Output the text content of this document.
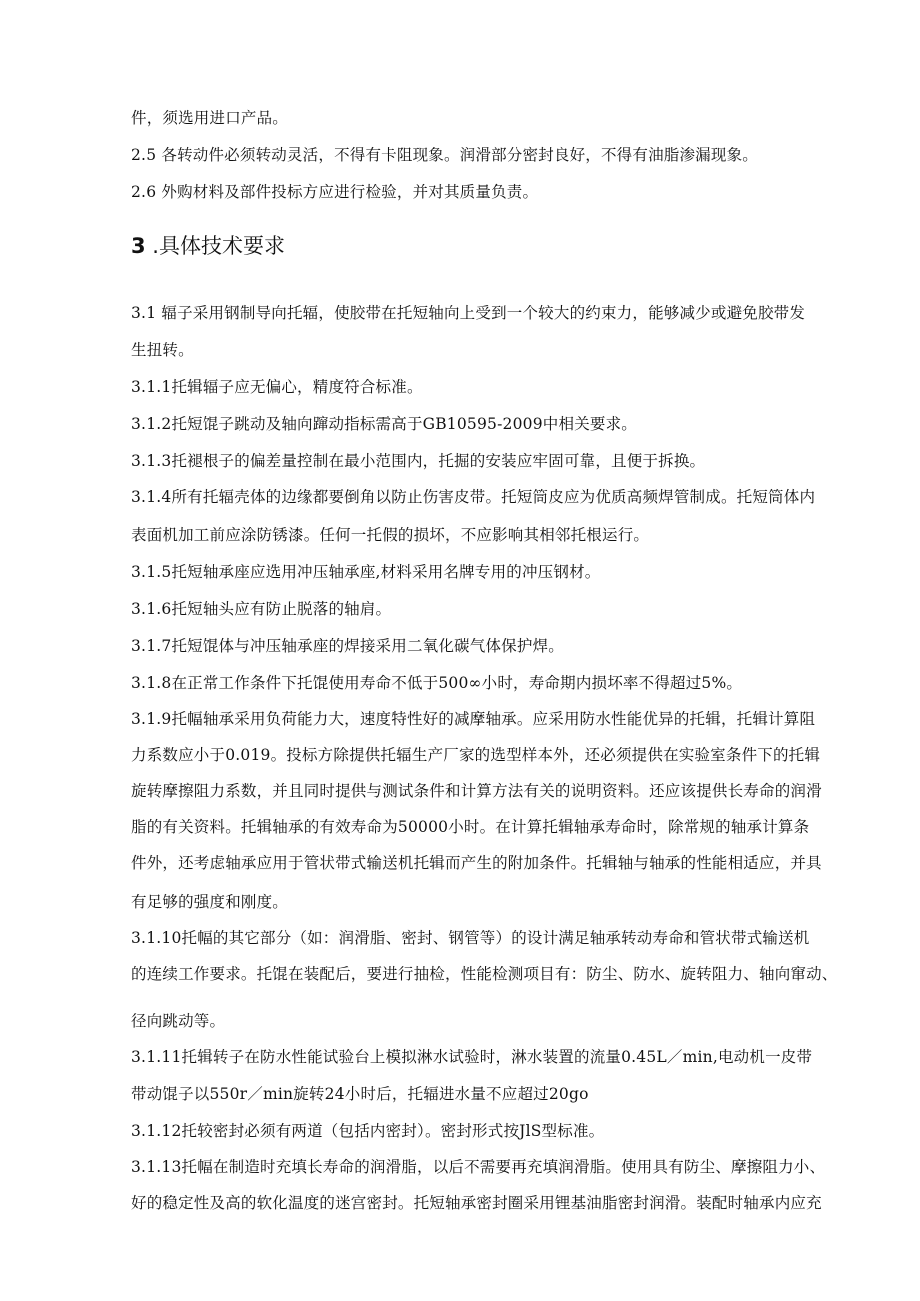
3 .具体技术要求
件，须选用进口产品。
2.5 各转动件必须转动灵活，不得有卡阻现象。润滑部分密封良好，不得有油脂渗漏现象。
2.6 外购材料及部件投标方应进行检验，并对其质量负责。
3.1 辐子采用钢制导向托辐，使胶带在托短轴向上受到一个较大的约束力，能够减少或避免胶带发
生扭转。
3.1.1托辑辐子应无偏心，精度符合标准。
3.1.2托短馄子跳动及轴向蹿动指标需高于GB10595-2009中相关要求。
3.1.3托褪根子的偏差量控制在最小范围内，托掘的安装应牢固可靠，且便于拆换。
3.1.4所有托辐壳体的边缘都要倒角以防止伤害皮带。托短筒皮应为优质高频焊管制成。托短筒体内
表面机加工前应涂防锈漆。任何一托假的损坏，不应影响其相邻托根运行。
3.1.5托短轴承座应选用冲压轴承座,材料采用名牌专用的冲压钢材。
3.1.6托短轴头应有防止脱落的轴肩。
3.1.7托短馄体与冲压轴承座的焊接采用二氧化碳气体保护焊。
3.1.8在正常工作条件下托馄使用寿命不低于500∞小时，寿命期内损坏率不得超过5%。
3.1.9托幅轴承采用负荷能力大，速度特性好的减摩轴承。应采用防水性能优异的托辑，托辑计算阻
力系数应小于0.019。投标方除提供托辐生产厂家的选型样本外，还必须提供在实验室条件下的托辑
旋转摩擦阻力系数，并且同时提供与测试条件和计算方法有关的说明资料。还应该提供长寿命的润滑
脂的有关资料。托辑轴承的有效寿命为50000小时。在计算托辑轴承寿命时，除常规的轴承计算条
件外，还考虑轴承应用于管状带式输送机托辑而产生的附加条件。托辑轴与轴承的性能相适应，并具
有足够的强度和刚度。
3.1.10托幅的其它部分（如：润滑脂、密封、钢管等）的设计满足轴承转动寿命和管状带式输送机
的连续工作要求。托馄在装配后，要进行抽检，性能检测项目有：防尘、防水、旋转阻力、轴向窜动、
径向跳动等。
3.1.11托辑转子在防水性能试验台上模拟淋水试验时，淋水装置的流量0.45L／min,电动机一皮带
带动馄子以550r／min旋转24小时后，托辐进水量不应超过20go
3.1.12托较密封必须有两道（包括内密封）。密封形式按JlS型标准。
3.1.13托幅在制造时充填长寿命的润滑脂，以后不需要再充填润滑脂。使用具有防尘、摩擦阻力小、
好的稳定性及高的软化温度的迷宫密封。托短轴承密封圈采用锂基油脂密封润滑。装配时轴承内应充
